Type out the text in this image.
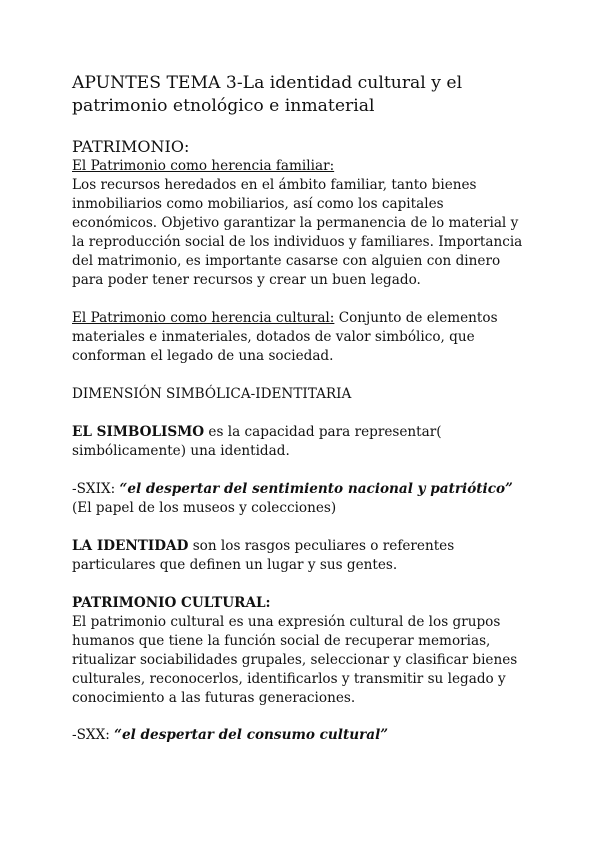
APUNTES TEMA 3-La identidad cultural y el patrimonio etnológico e inmaterial
PATRIMONIO:

El Patrimonio como herencia familiar:

Los recursos heredados en el ámbito familiar, tanto bienes inmobiliarios como mobiliarios, así como los capitales económicos. Objetivo garantizar la permanencia de lo material y la reproducción social de los individuos y familiares. Importancia del matrimonio, es importante casarse con alguien con dinero para poder tener recursos y crear un buen legado.

El Patrimonio como herencia cultural: Conjunto de elementos materiales e inmateriales, dotados de valor simbólico, que conforman el legado de una sociedad.

DIMENSIÓN SIMBÓLICA-IDENTITARIA

EL SIMBOLISMO es la capacidad para representar( simbólicamente) una identidad.

-SXIX: “el despertar del sentimiento nacional y patriótico” (El papel de los museos y colecciones)

LA IDENTIDAD son los rasgos peculiares o referentes particulares que definen un lugar y sus gentes.

PATRIMONIO CULTURAL:

El patrimonio cultural es una expresión cultural de los grupos humanos que tiene la función social de recuperar memorias, ritualizar sociabilidades grupales, seleccionar y clasificar bienes culturales, reconocerlos, identificarlos y transmitir su legado y conocimiento a las futuras generaciones.

-SXX: “el despertar del consumo cultural”
